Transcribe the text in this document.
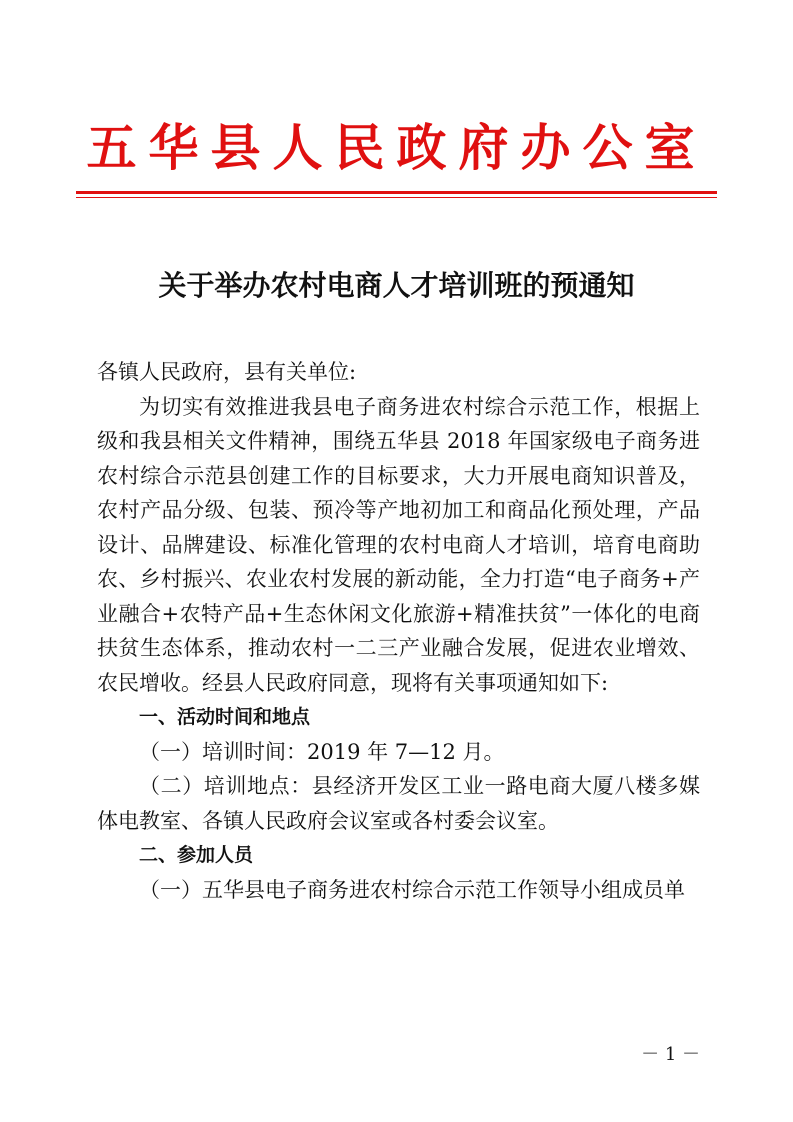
五华县人民政府办公室
关于举办农村电商人才培训班的预通知

各镇人民政府，县有关单位:

为切实有效推进我县电子商务进农村综合示范工作，根据上级和我县相关文件精神，围绕五华县 2018 年国家级电子商务进农村综合示范县创建工作的目标要求，大力开展电商知识普及，农村产品分级、包装、预冷等产地初加工和商品化预处理，产品设计、品牌建设、标准化管理的农村电商人才培训，培育电商助农、乡村振兴、农业农村发展的新动能，全力打造“电子商务+产业融合+农特产品+生态休闲文化旅游+精准扶贫”一体化的电商扶贫生态体系，推动农村一二三产业融合发展，促进农业增效、农民增收。经县人民政府同意，现将有关事项通知如下:

一、活动时间和地点

（一）培训时间：2019 年 7—12 月。

（二）培训地点：县经济开发区工业一路电商大厦八楼多媒体电教室、各镇人民政府会议室或各村委会议室。

二、参加人员

（一）五华县电子商务进农村综合示范工作领导小组成员单

－ 1 －
